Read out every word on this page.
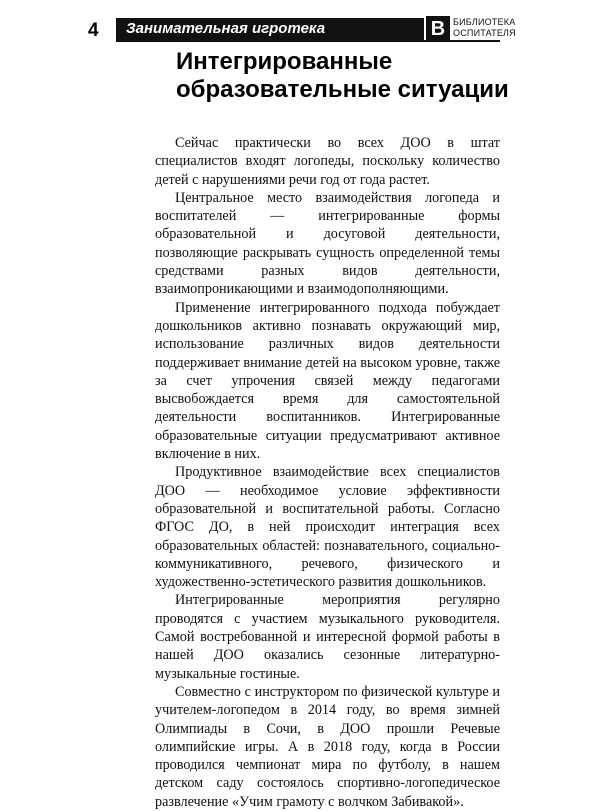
4	Занимательная игротека	В БИБЛИОТЕКА
ОСПИТАТЕЛЯ
Интегрированные
образовательные ситуации

Сейчас практически во всех ДОО в штат специалистов входят логопеды, поскольку количество детей с нарушениями речи год от года растет.

Центральное место взаимодействия логопеда и воспитателей — интегрированные формы образовательной и досуговой деятельности, позволяющие раскрывать сущность определенной темы средствами разных видов деятельности, взаимопроникающими и взаимодополняющими.

Применение интегрированного подхода побуждает дошкольников активно познавать окружающий мир, использование различных видов деятельности поддерживает внимание детей на высоком уровне, также за счет упрочения связей между педагогами высвобождается время для самостоятельной деятельности воспитанников. Интегрированные образовательные ситуации предусматривают активное включение в них.

Продуктивное взаимодействие всех специалистов ДОО — необходимое условие эффективности образовательной и воспитательной работы. Согласно ФГОС ДО, в ней происходит интеграция всех образовательных областей: познавательного, социально-коммуникативного, речевого, физического и художественно-эстетического развития дошкольников.

Интегрированные мероприятия регулярно проводятся с участием музыкального руководителя. Самой востребованной и интересной формой работы в нашей ДОО оказались сезонные литературно-музыкальные гостиные.

Совместно с инструктором по физической культуре и учителем-логопедом в 2014 году, во время зимней Олимпиады в Сочи, в ДОО прошли Речевые олимпийские игры. А в 2018 году, когда в России проводился чемпионат мира по футболу, в нашем детском саду состоялось спортивно-логопедическое развлечение «Учим грамоту с волчком Забивакой».
